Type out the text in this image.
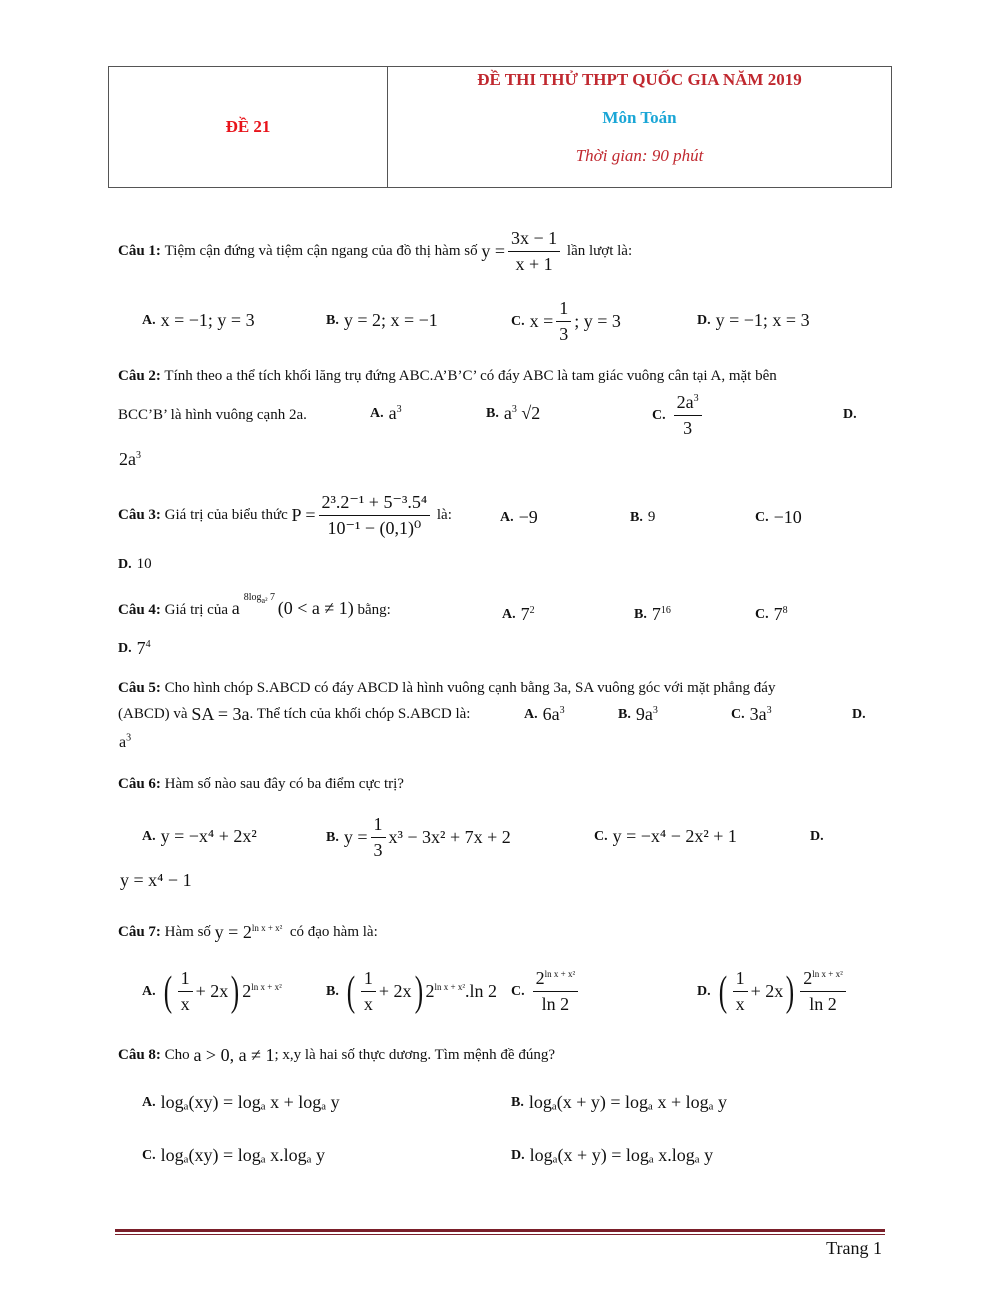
ĐỀ 21
ĐỀ THI THỬ THPT QUỐC GIA NĂM 2019
Môn Toán
Thời gian: 90 phút
Câu 1:
Tiệm cận đứng và tiệm cận ngang của đồ thị hàm số
$y = \frac{3x - 1}{x + 1}$
lần lượt là:
A. x = −1; y = 3	B. y = 2; x = −1	C. $x = \frac{1}{3}$ ; y = 3	D. y = −1; x = 3
Câu 2: Tính theo a thể tích khối lăng trụ đứng ABC.A’B’C’ có đáy ABC là tam giác vuông cân tại A, mặt bên
BCC’B’ là hình vuông cạnh 2a.	A. $a^3$	B. $a^3$ √2	C. $\frac{2a^3}{3}$	D.
$2a^3$
Câu 3:
Giá trị của biểu thức
$P = \frac{\text{2³.2⁻¹ + 5⁻³.5⁴}}{\text{10⁻¹ − (0,1)⁰}}$
là:	A. −9	B. 9	C. −10
D. 10
Câu 4:
Giá trị của
a
$8\log_{a^2}$ 7
(0 < a ≠ 1)
bằng:	A. $7^2$	B. $7^{16}$	C. $7^8$
D. $7^4$
Câu 5: Cho hình chóp S.ABCD có đáy ABCD là hình vuông cạnh bằng 3a, SA vuông góc với mặt phẳng đáy
(ABCD) và
SA = 3a . Thể tích của khối chóp S.ABCD là:	A. $6a^3$	B. $9a^3$	C. $3a^3$	D.
$a^3$
Câu 6: Hàm số nào sau đây có ba điểm cực trị?
A. y = −x⁴ + 2x²	B. $y = \frac{1}{3} x^3 - 3x^2 + 7x + 2$	C. y = −x⁴ − 2x² + 1	D.
y = x⁴ − 1
Câu 7:
Hàm số
$y = 2^{ln x + x^2}$
có đạo hàm là:
A. ( $\frac{1}{x} + 2x$ ) $2^{ln x + x^2}$	B. ( $\frac{1}{x} + 2x$ ) $2^{ln x + x^2}.\ln$ 2 C. $\frac{2^{ln x + x^2}}{\ln 2}$	D. ( $\frac{1}{x} + 2x$ ) $\frac{2^{ln x + x^2}}{\ln 2}$
Câu 8:
Cho
a > 0, a ≠ 1 ; x,y là hai số thực dương. Tìm mệnh đề đúng?
A. logₐ(xy) = logₐ x + logₐ y	B. logₐ(x + y) = logₐ x + logₐ y
C. logₐ(xy) = logₐ x.logₐ y	D. logₐ(x + y) = logₐ x.logₐ y
Trang 1
